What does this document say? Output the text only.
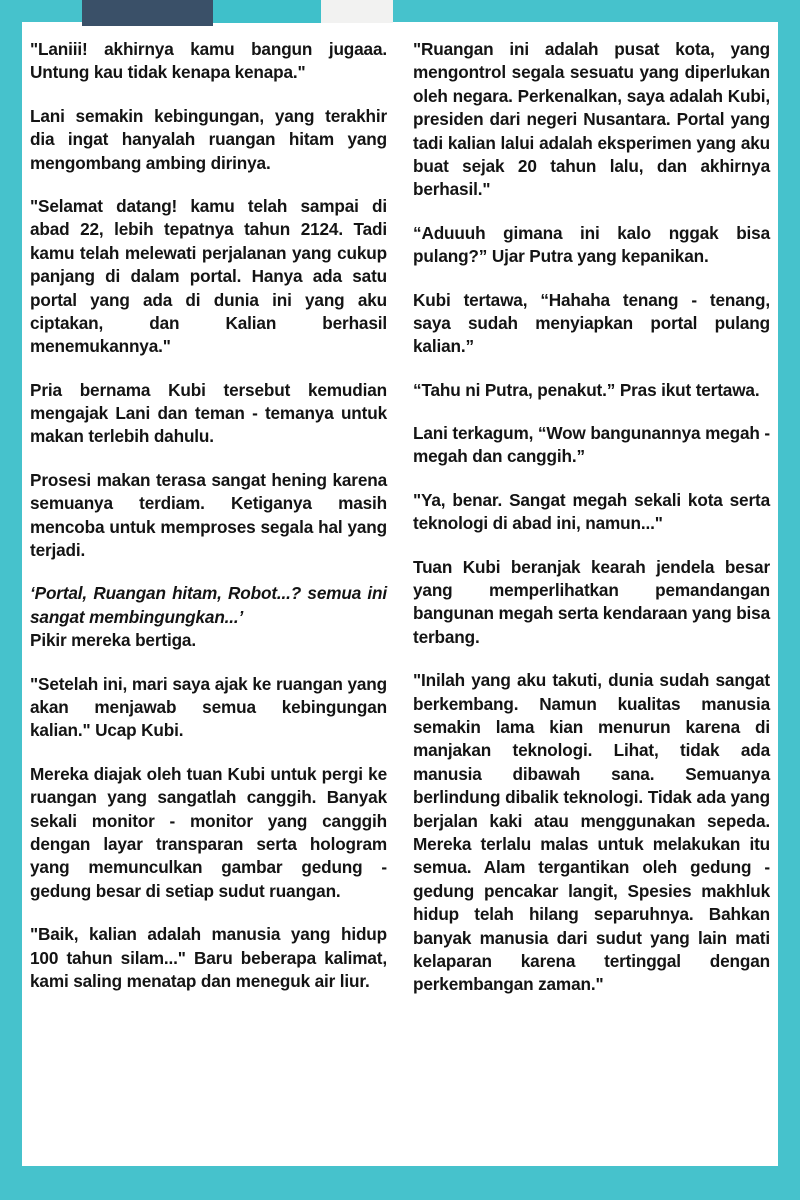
"Laniii! akhirnya kamu bangun jugaaa. Untung kau tidak kenapa kenapa."

Lani semakin kebingungan, yang terakhir dia ingat hanyalah ruangan hitam yang mengombang ambing dirinya.

"Selamat datang! kamu telah sampai di abad 22, lebih tepatnya tahun 2124. Tadi kamu telah melewati perjalanan yang cukup panjang di dalam portal. Hanya ada satu portal yang ada di dunia ini yang aku ciptakan, dan Kalian berhasil menemukannya."

Pria bernama Kubi tersebut kemudian mengajak Lani dan teman - temanya untuk makan terlebih dahulu.

Prosesi makan terasa sangat hening karena semuanya terdiam. Ketiganya masih mencoba untuk memproses segala hal yang terjadi.

‘Portal, Ruangan hitam, Robot...? semua ini sangat membingungkan...’
Pikir mereka bertiga.

"Setelah ini, mari saya ajak ke ruangan yang akan menjawab semua kebingungan kalian." Ucap Kubi.

Mereka diajak oleh tuan Kubi untuk pergi ke ruangan yang sangatlah canggih. Banyak sekali monitor - monitor yang canggih dengan layar transparan serta hologram yang memunculkan gambar gedung - gedung besar di setiap sudut ruangan.

"Baik, kalian adalah manusia yang hidup 100 tahun silam..." Baru beberapa kalimat, kami saling menatap dan meneguk air liur.

"Ruangan ini adalah pusat kota, yang mengontrol segala sesuatu yang diperlukan oleh negara. Perkenalkan, saya adalah Kubi, presiden dari negeri Nusantara. Portal yang tadi kalian lalui adalah eksperimen yang aku buat sejak 20 tahun lalu, dan akhirnya berhasil."

“Aduuuh gimana ini kalo nggak bisa pulang?” Ujar Putra yang kepanikan.

Kubi tertawa, “Hahaha tenang - tenang, saya sudah menyiapkan portal pulang kalian.”

“Tahu ni Putra, penakut.” Pras ikut tertawa.

Lani terkagum, “Wow bangunannya megah - megah dan canggih.”

"Ya, benar. Sangat megah sekali kota serta teknologi di abad ini, namun..."

Tuan Kubi beranjak kearah jendela besar yang memperlihatkan pemandangan bangunan megah serta kendaraan yang bisa terbang.

"Inilah yang aku takuti, dunia sudah sangat berkembang. Namun kualitas manusia semakin lama kian menurun karena di manjakan teknologi. Lihat, tidak ada manusia dibawah sana. Semuanya berlindung dibalik teknologi. Tidak ada yang berjalan kaki atau menggunakan sepeda. Mereka terlalu malas untuk melakukan itu semua. Alam tergantikan oleh gedung - gedung pencakar langit, Spesies makhluk hidup telah hilang separuhnya. Bahkan banyak manusia dari sudut yang lain mati kelaparan karena tertinggal dengan perkembangan zaman."
